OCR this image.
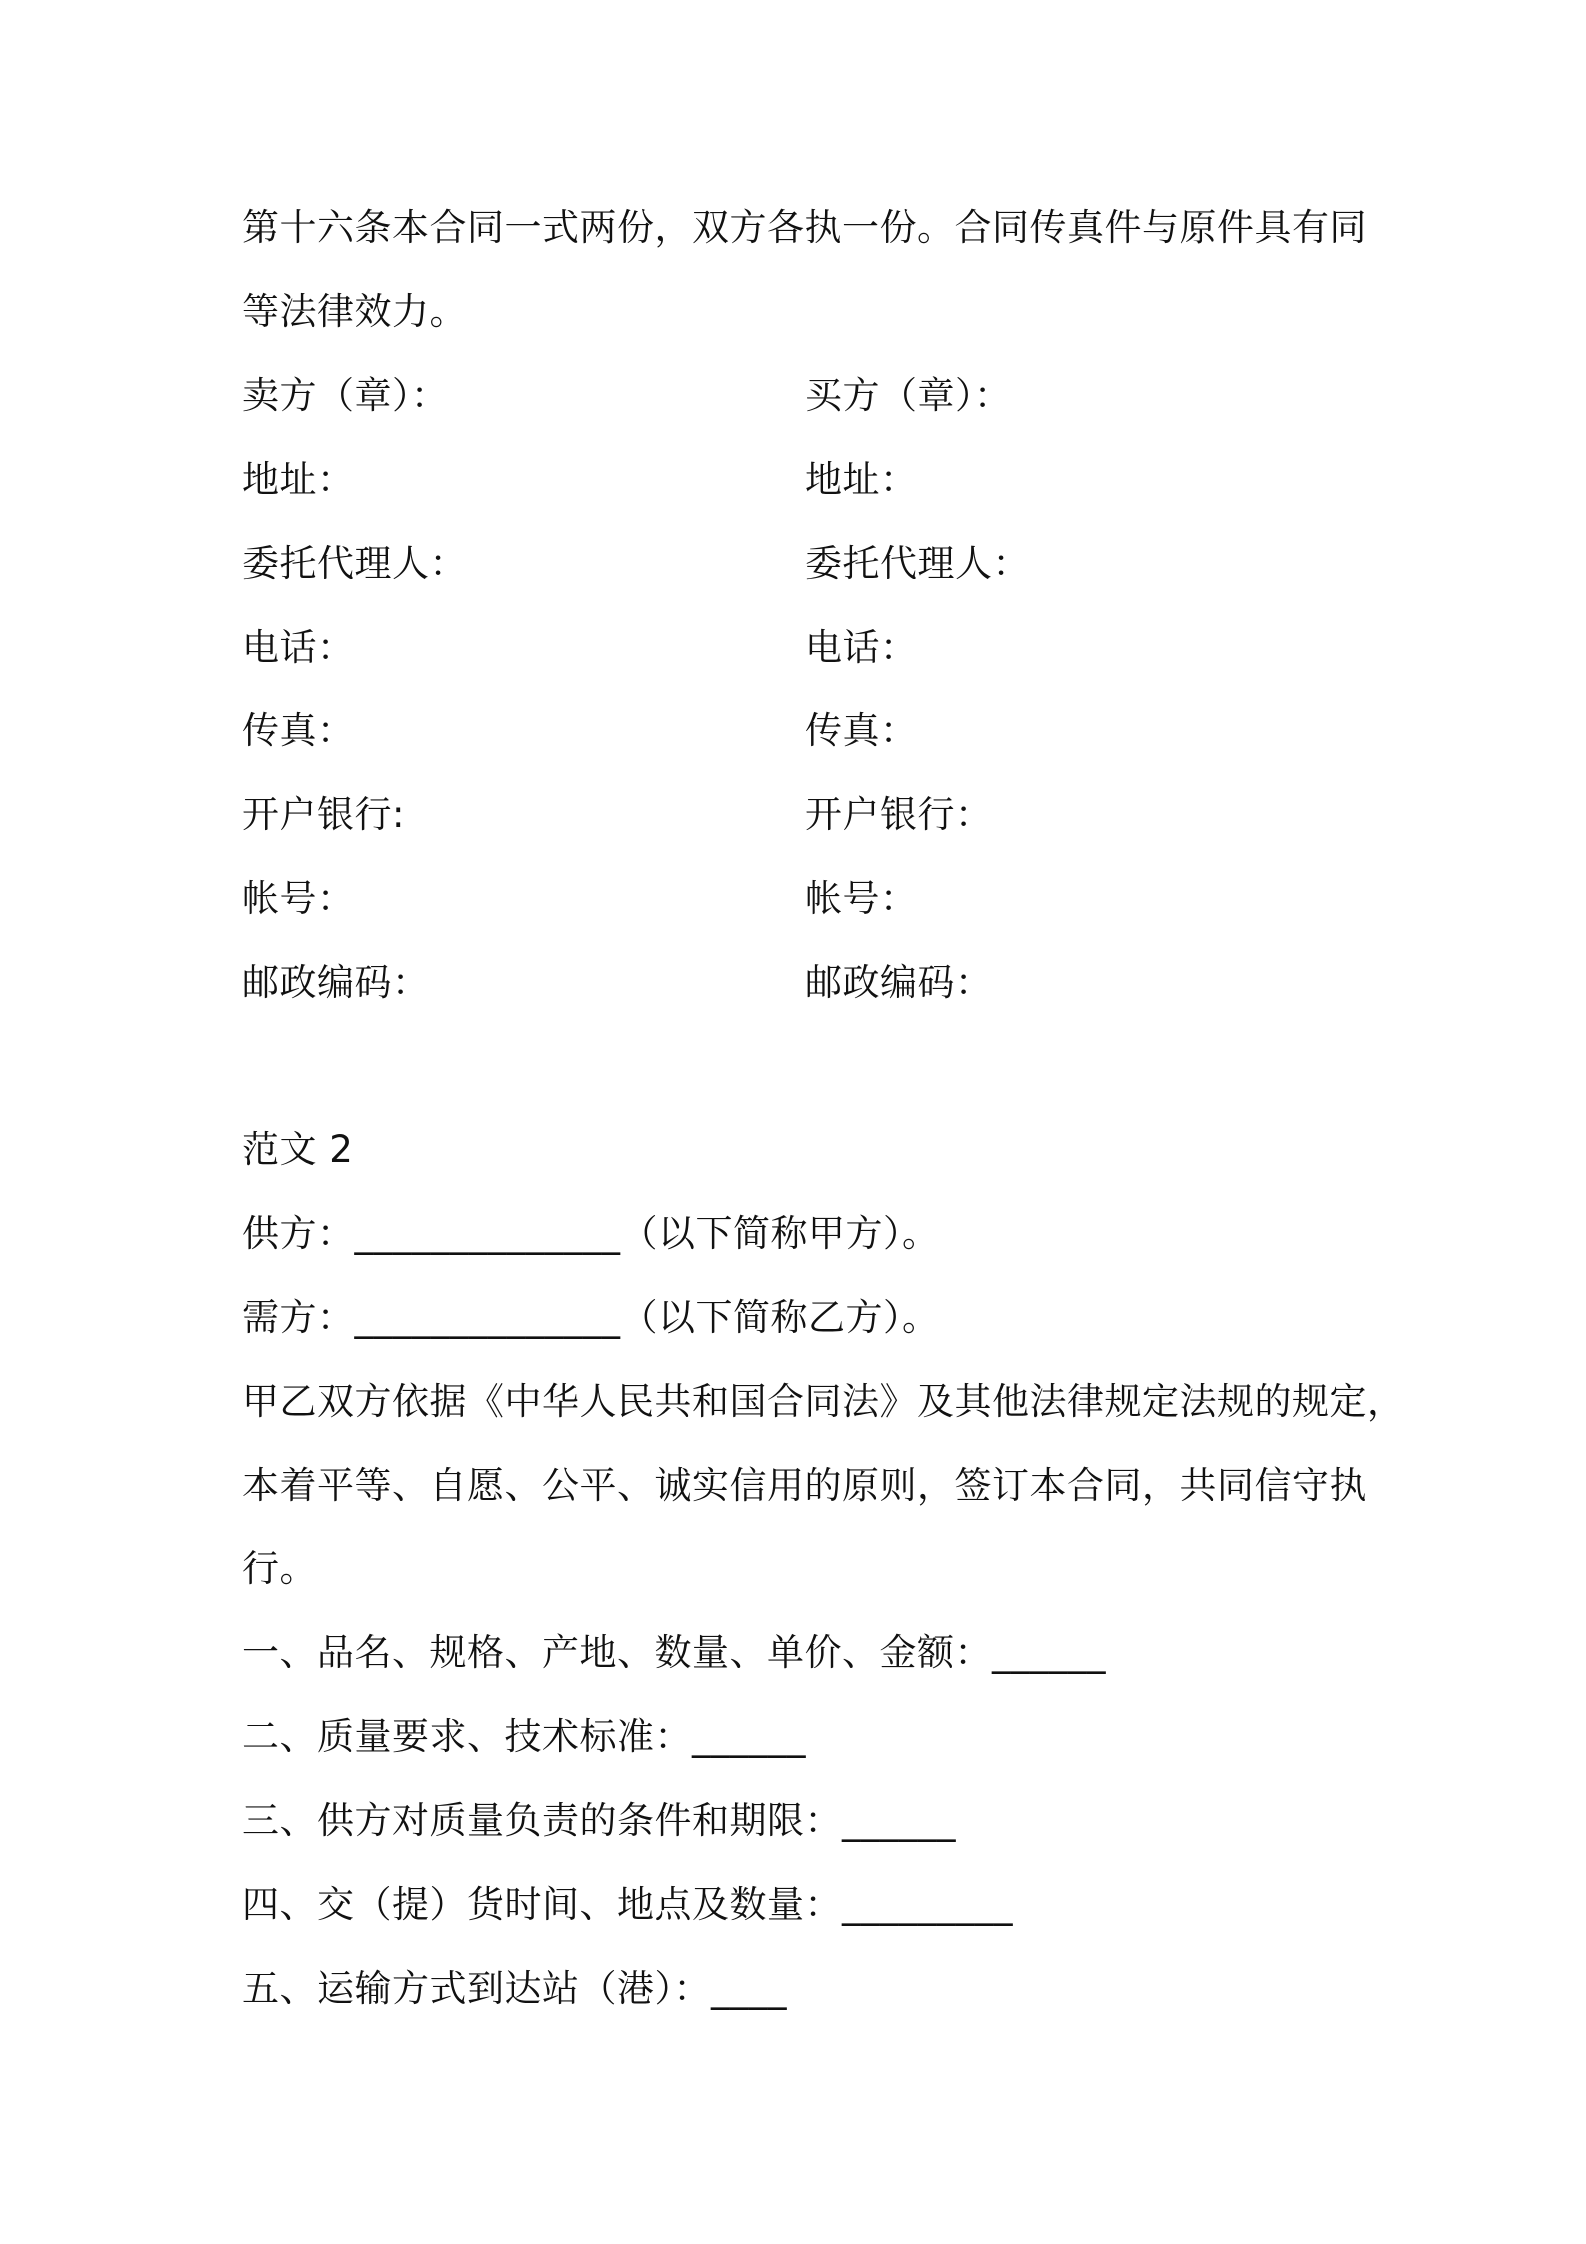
第十六条本合同一式两份，双方各执一份。合同传真件与原件具有同
等法律效力。
卖方（章）：	买方（章）：
地址：	地址：
委托代理人：	委托代理人：
电话：	电话：
传真：	传真：
开户银行:	开户银行：
帐号：	帐号：
邮政编码：	邮政编码：
范文 2
供方：______________（以下简称甲方）。
需方：______________（以下简称乙方）。
甲乙双方依据《中华人民共和国合同法》及其他法律规定法规的规定，
本着平等、自愿、公平、诚实信用的原则，签订本合同，共同信守执
行。
一、品名、规格、产地、数量、单价、金额：______
二、质量要求、技术标准：______
三、供方对质量负责的条件和期限：______
四、交（提）货时间、地点及数量：_________
五、运输方式到达站（港）：____
